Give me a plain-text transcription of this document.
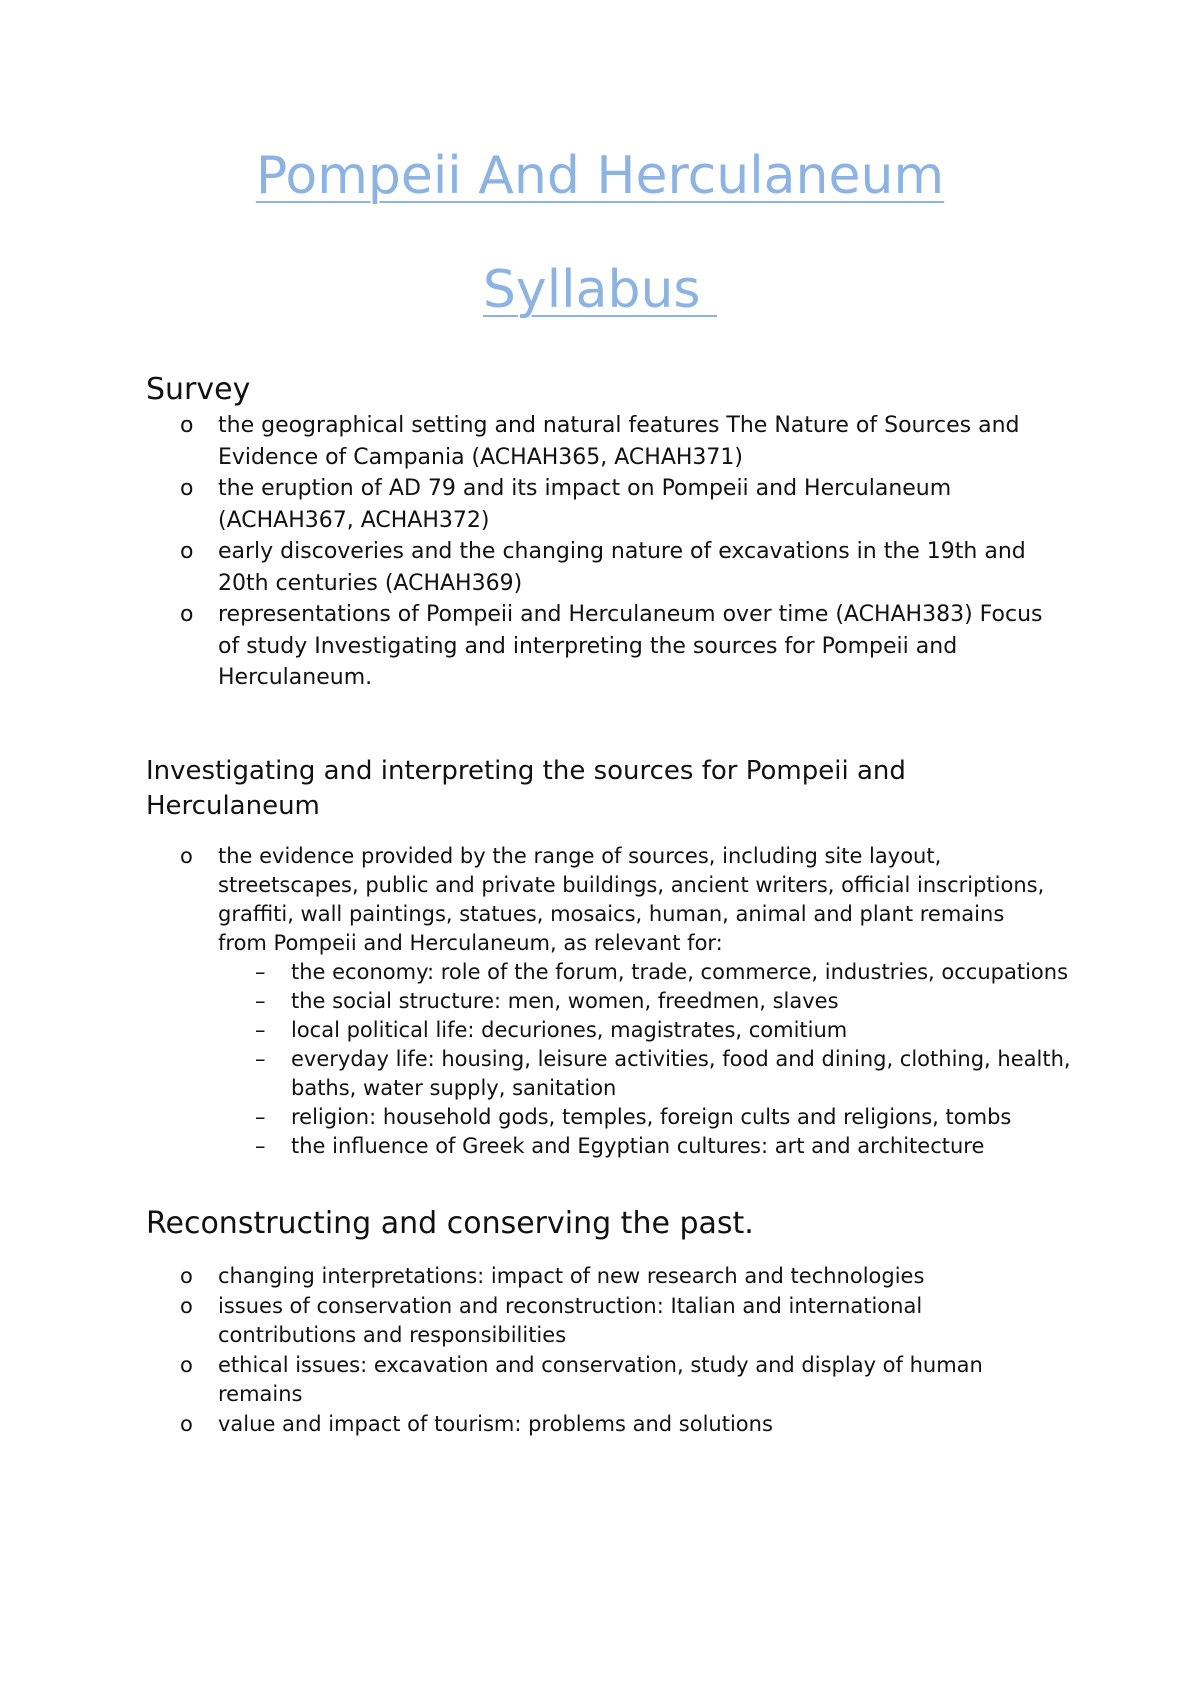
Pompeii And Herculaneum
Syllabus
Survey
o the geographical setting and natural features The Nature of Sources and Evidence of Campania (ACHAH365, ACHAH371)
o the eruption of AD 79 and its impact on Pompeii and Herculaneum (ACHAH367, ACHAH372)
o early discoveries and the changing nature of excavations in the 19th and 20th centuries (ACHAH369)
o representations of Pompeii and Herculaneum over time (ACHAH383) Focus of study Investigating and interpreting the sources for Pompeii and Herculaneum.
Investigating and interpreting the sources for Pompeii and Herculaneum
o the evidence provided by the range of sources, including site layout, streetscapes, public and private buildings, ancient writers, official inscriptions, graffiti, wall paintings, statues, mosaics, human, animal and plant remains from Pompeii and Herculaneum, as relevant for:
– the economy: role of the forum, trade, commerce, industries, occupations
– the social structure: men, women, freedmen, slaves
– local political life: decuriones, magistrates, comitium
– everyday life: housing, leisure activities, food and dining, clothing, health, baths, water supply, sanitation
– religion: household gods, temples, foreign cults and religions, tombs
– the influence of Greek and Egyptian cultures: art and architecture
Reconstructing and conserving the past.
o changing interpretations: impact of new research and technologies
o issues of conservation and reconstruction: Italian and international contributions and responsibilities
o ethical issues: excavation and conservation, study and display of human remains
o value and impact of tourism: problems and solutions
